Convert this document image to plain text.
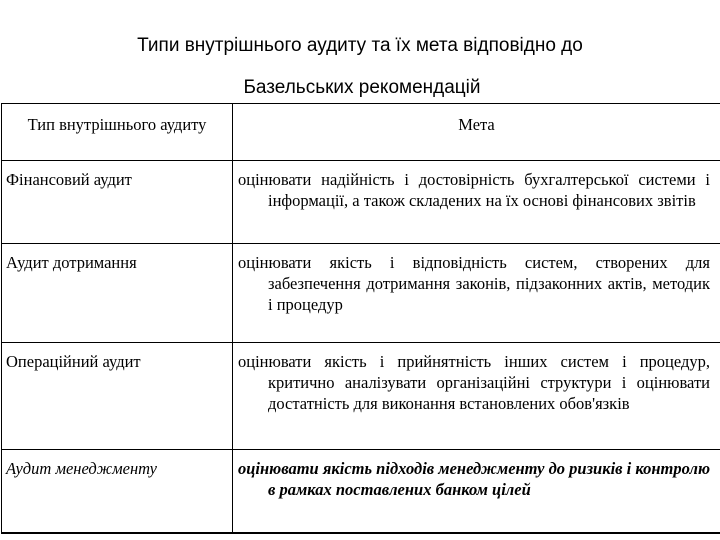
Типи внутрішнього аудиту та їх мета відповідно до
Базельських рекомендацій
Тип внутрішнього аудиту	Мета
Фінансовий аудит	оцінювати надійність і достовірність бухгалтерської системи і інформації, а також складених на їх основі фінансових звітів
Аудит дотримання	оцінювати якість і відповідність систем, створених для забезпечення дотримання законів, підзаконних актів, методик і процедур
Операційний аудит	оцінювати якість і прийнятність інших систем і процедур, критично аналізувати організаційні структури і оцінювати достатність для виконання встановлених обов'язків
Аудит менеджменту	оцінювати якість підходів менеджменту до ризиків і контролю в рамках поставлених банком цілей
